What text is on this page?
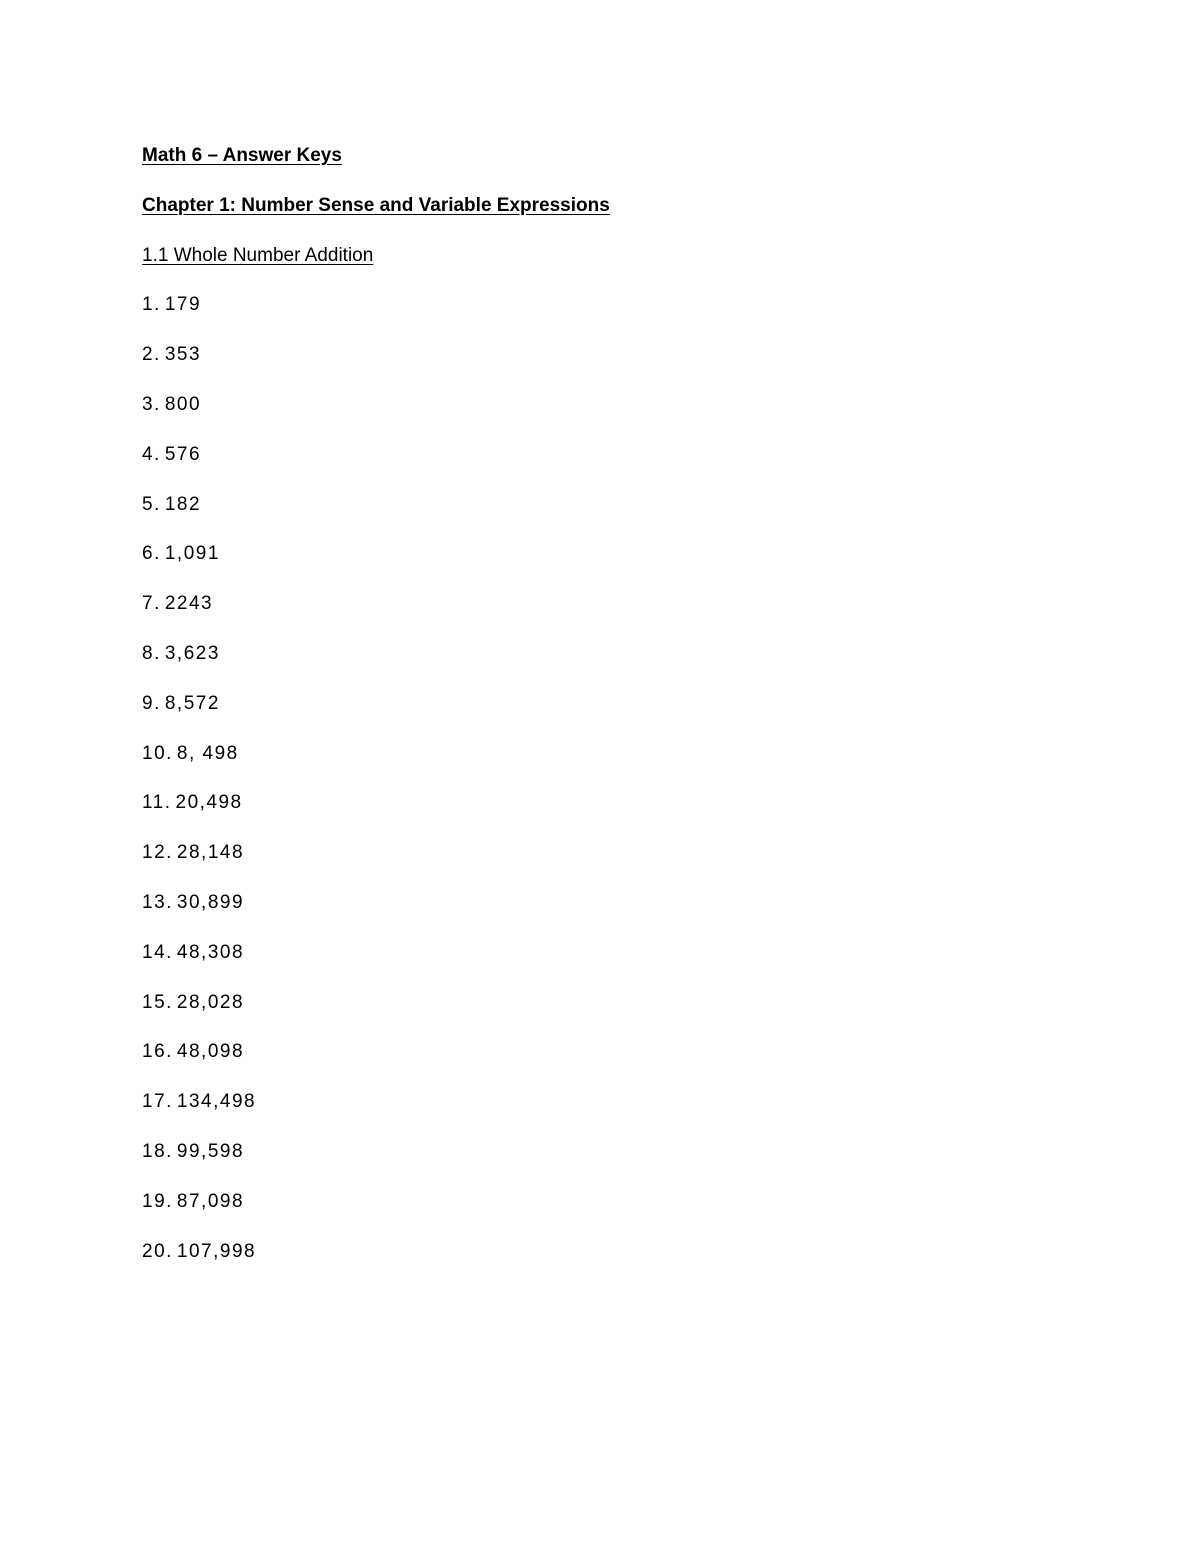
Math 6 – Answer Keys
Chapter 1: Number Sense and Variable Expressions
1.1 Whole Number Addition
1. 179
2. 353
3. 800
4. 576
5. 182
6. 1,091
7. 2243
8. 3,623
9. 8,572
10. 8, 498
11. 20,498
12. 28,148
13. 30,899
14. 48,308
15. 28,028
16. 48,098
17. 134,498
18. 99,598
19. 87,098
20. 107,998
